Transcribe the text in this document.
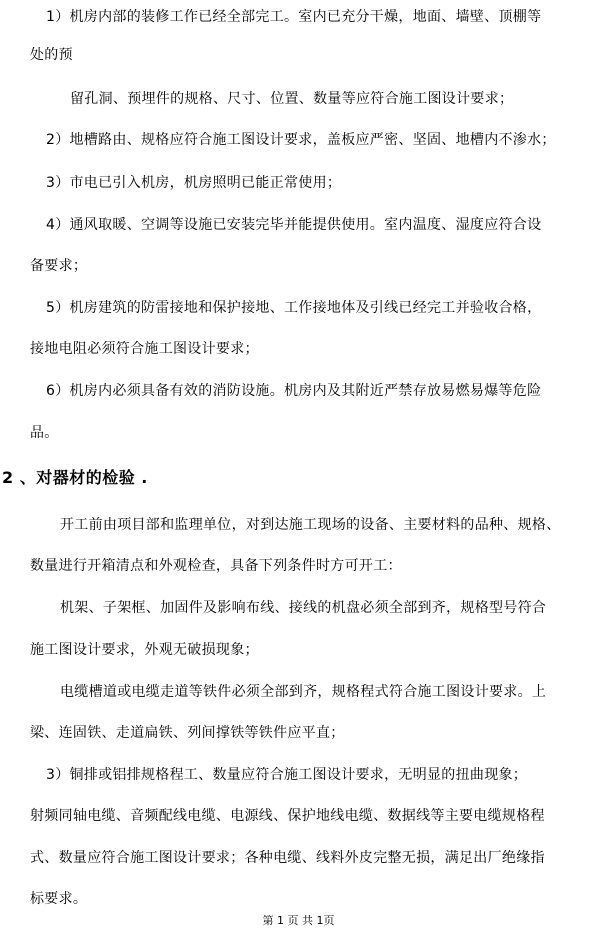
1）机房内部的装修工作已经全部完工。室内已充分干燥，地面、墙壁、顶棚等
处的预
留孔洞、预埋件的规格、尺寸、位置、数量等应符合施工图设计要求；
2）地槽路由、规格应符合施工图设计要求，盖板应严密、坚固、地槽内不渗水；
3）市电已引入机房，机房照明已能正常使用；
4）通风取暖、空调等设施已安装完毕并能提供使用。室内温度、湿度应符合设
备要求；
5）机房建筑的防雷接地和保护接地、工作接地体及引线已经完工并验收合格，
接地电阻必须符合施工图设计要求；
6）机房内必须具备有效的消防设施。机房内及其附近严禁存放易燃易爆等危险
品。
2 、对器材的检验 .
开工前由项目部和监理单位，对到达施工现场的设备、主要材料的品种、规格、
数量进行开箱清点和外观检查，具备下列条件时方可开工：
机架、子架框、加固件及影响布线、接线的机盘必须全部到齐，规格型号符合
施工图设计要求，外观无破损现象；
电缆槽道或电缆走道等铁件必须全部到齐，规格程式符合施工图设计要求。上
梁、连固铁、走道扁铁、列间撑铁等铁件应平直；
3）铜排或铝排规格程工、数量应符合施工图设计要求，无明显的扭曲现象；
射频同轴电缆、音频配线电缆、电源线、保护地线电缆、数据线等主要电缆规格程
式、数量应符合施工图设计要求；各种电缆、线料外皮完整无损，满足出厂绝缘指
标要求。
第 1 页 共 1页
